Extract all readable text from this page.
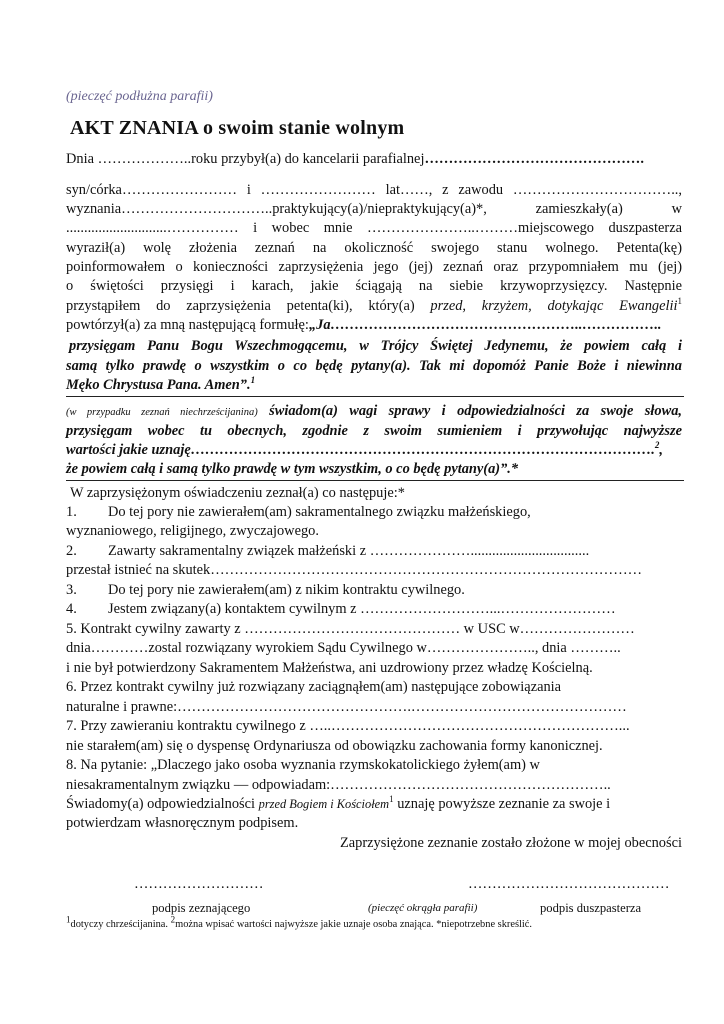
(pieczęć podłużna parafii)
AKT ZNANIA o swoim stanie wolnym
Dnia ………………..roku przybył(a) do kancelarii parafialnej……………………………………….
syn/córka…………………… i …………………… lat……, z zawodu ……………………………..,
wyznania…………………………..praktykujący(a)/niepraktykujący(a)*, zamieszkały(a) w
............................…………… i wobec mnie …………………..………miejscowego duszpasterza
wyraził(a) wolę złożenia zeznań na okoliczność swojego stanu wolnego. Petenta(kę)
poinformowałem o konieczności zaprzysiężenia jego (jej) zeznań oraz przypomniałem mu (jej)
o świętości przysięgi i karach, jakie ściągają na siebie krzywoprzysięzcy. Następnie
przystąpiłem do zaprzysiężenia petenta(ki), który(a) przed, krzyżem, dotykając Ewangelii$^1$
powtórzył(a) za mną następującą formułę:„Ja……………………………………………..……………..
przysięgam Panu Bogu Wszechmogącemu, w Trójcy Świętej Jedynemu, że powiem całą i
samą tylko prawdę o wszystkim o co będę pytany(a). Tak mi dopomóż Panie Boże i niewinna
Męko Chrystusa Pana. Amen”.$^1$
(w przypadku zeznań niechrześcijanina) świadom(a) wagi sprawy i odpowiedzialności za swoje słowa,
przysięgam wobec tu obecnych, zgodnie z swoim sumieniem i przywołując najwyższe
wartości jakie uznaję…………………………………………………………………………………….$^2$,
że powiem całą i samą tylko prawdę w tym wszystkim, o co będę pytany(a)”.*
W zaprzysiężonym oświadczeniu zeznał(a) co następuje:*
1. Do tej pory nie zawierałem(am) sakramentalnego związku małżeńskiego,
wyznaniowego, religijnego, zwyczajowego.
2. Zawarty sakramentalny związek małżeński z ………………….................................
przestał istnieć na skutek………………………………………………………………………………
3. Do tej pory nie zawierałem(am) z nikim kontraktu cywilnego.
4. Jestem związany(a) kontaktem cywilnym z ………………………...……………………
5. Kontrakt cywilny zawarty z ……………………………………… w USC w……………………
dnia…………zostal rozwiązany wyrokiem Sądu Cywilnego w………………….., dnia ………..
i nie był potwierdzony Sakramentem Małżeństwa, ani uzdrowiony przez władzę Kościelną.
6. Przez kontrakt cywilny już rozwiązany zaciągnąłem(am) następujące zobowiązania
naturalne i prawne:………………………………………….………………………………………
7. Przy zawieraniu kontraktu cywilnego z …..……………………………………………………...
nie starałem(am) się o dyspensę Ordynariusza od obowiązku zachowania formy kanonicznej.
8. Na pytanie: „Dlaczego jako osoba wyznania rzymskokatolickiego żyłem(am) w
niesakramentalnym związku — odpowiadam:…………………………………………………..
Świadomy(a) odpowiedzialności przed Bogiem i Kościołem$^1$ uznaję powyższe zeznanie za swoje i
potwierdzam własnoręcznym podpisem.
Zaprzysiężone zeznanie zostało złożone w mojej obecności
………………………	……………………………………
podpis zeznającego	(pieczęć okrągła parafii)	podpis duszpasterza
$^1$dotyczy chrześcijanina. $^2$można wpisać wartości najwyższe jakie uznaje osoba znająca. *niepotrzebne skreślić.
